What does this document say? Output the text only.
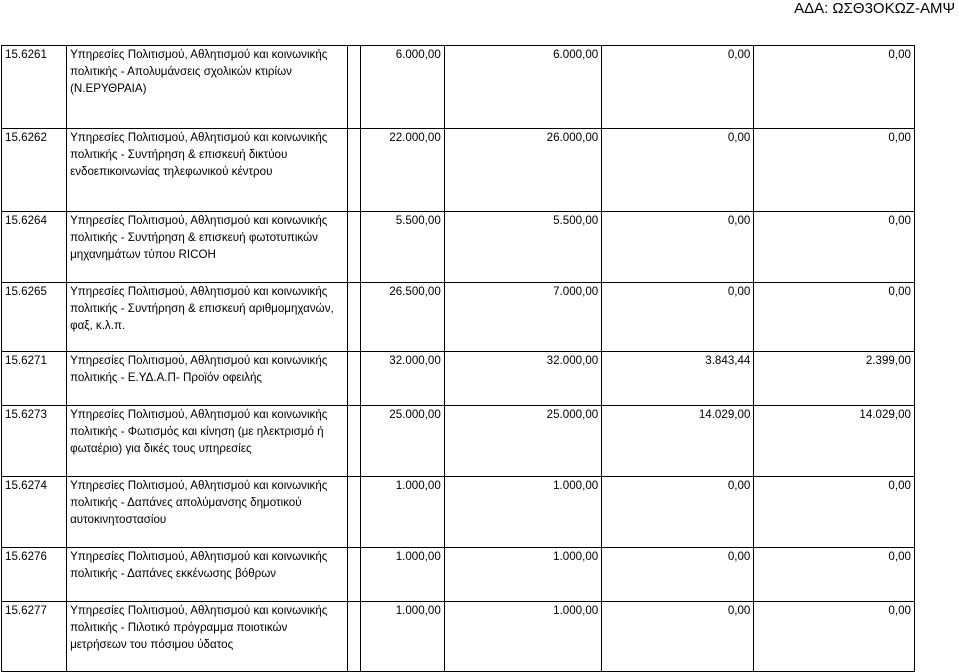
ΑΔΑ: ΩΣΘ3ΟΚΩΖ-ΑΜΨ
15.6261	Υπηρεσίες Πολιτισμού, Αθλητισμού και κοινωνικής πολιτικής - Απολυμάνσεις σχολικών κτιρίων (Ν.ΕΡΥΘΡΑΙΑ)		6.000,00	6.000,00	0,00	0,00
15.6262	Υπηρεσίες Πολιτισμού, Αθλητισμού και κοινωνικής πολιτικής - Συντήρηση & επισκευή δικτύου ενδοεπικοινωνίας τηλεφωνικού κέντρου		22.000,00	26.000,00	0,00	0,00
15.6264	Υπηρεσίες Πολιτισμού, Αθλητισμού και κοινωνικής πολιτικής - Συντήρηση & επισκευή φωτοτυπικών μηχανημάτων τύπου RICOH		5.500,00	5.500,00	0,00	0,00
15.6265	Υπηρεσίες Πολιτισμού, Αθλητισμού και κοινωνικής πολιτικής - Συντήρηση & επισκευή αριθμομηχανών, φαξ, κ.λ.π.		26.500,00	7.000,00	0,00	0,00
15.6271	Υπηρεσίες Πολιτισμού, Αθλητισμού και κοινωνικής πολιτικής - Ε.ΥΔ.Α.Π- Προϊόν οφειλής		32.000,00	32.000,00	3.843,44	2.399,00
15.6273	Υπηρεσίες Πολιτισμού, Αθλητισμού και κοινωνικής πολιτικής - Φωτισμός και κίνηση (με ηλεκτρισμό ή φωταέριο) για δικές τους υπηρεσίες		25.000,00	25.000,00	14.029,00	14.029,00
15.6274	Υπηρεσίες Πολιτισμού, Αθλητισμού και κοινωνικής πολιτικής - Δαπάνες απολύμανσης δημοτικού αυτοκινητοστασίου		1.000,00	1.000,00	0,00	0,00
15.6276	Υπηρεσίες Πολιτισμού, Αθλητισμού και κοινωνικής πολιτικής - Δαπάνες εκκένωσης βόθρων		1.000,00	1.000,00	0,00	0,00
15.6277	Υπηρεσίες Πολιτισμού, Αθλητισμού και κοινωνικής πολιτικής - Πιλοτικό πρόγραμμα ποιοτικών μετρήσεων του πόσιμου ύδατος		1.000,00	1.000,00	0,00	0,00
